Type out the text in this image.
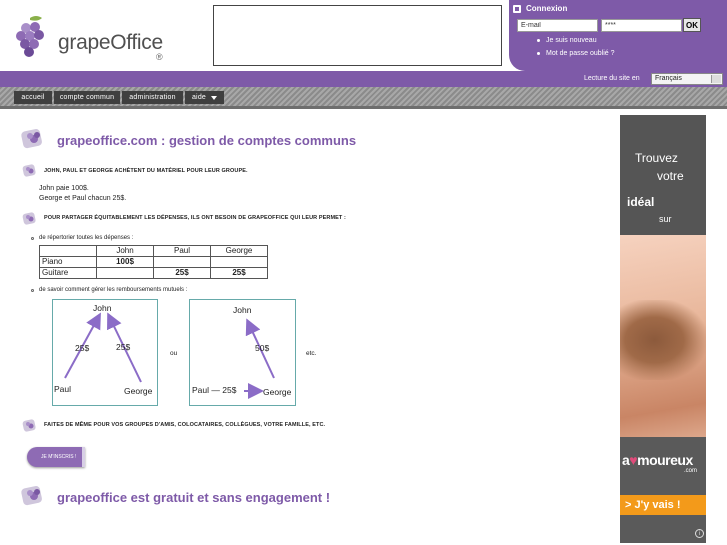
grapeOffice
®
Connexion
E-mail
****
OK
Je suis nouveau
Mot de passe oublié ?
Lecture du site en	Français
accueil	compte commun	administration	aide
grapeoffice.com : gestion de comptes communs
JOHN, PAUL ET GEORGE ACHÈTENT DU MATÉRIEL POUR LEUR GROUPE.
John paie 100$.
George et Paul chacun 25$.
POUR PARTAGER ÉQUITABLEMENT LES DÉPENSES, ILS ONT BESOIN DE GRAPEOFFICE QUI LEUR PERMET :
de répertorier toutes les dépenses :
	John	Paul	George
Piano	100$		
Guitare		25$	25$
de savoir comment gérer les remboursements mutuels :
John
25$	25$
Paul	George
ou
John
50$
Paul — 25$	George
etc.
FAITES DE MÊME POUR VOS GROUPES D'AMIS, COLOCATAIRES, COLLÈGUES, VOTRE FAMILLE, ETC.
JE M'INSCRIS !
grapeoffice est gratuit et sans engagement !
Trouvez
votre
idéal
sur
a♥moureux
.com
> J'y vais !
i
